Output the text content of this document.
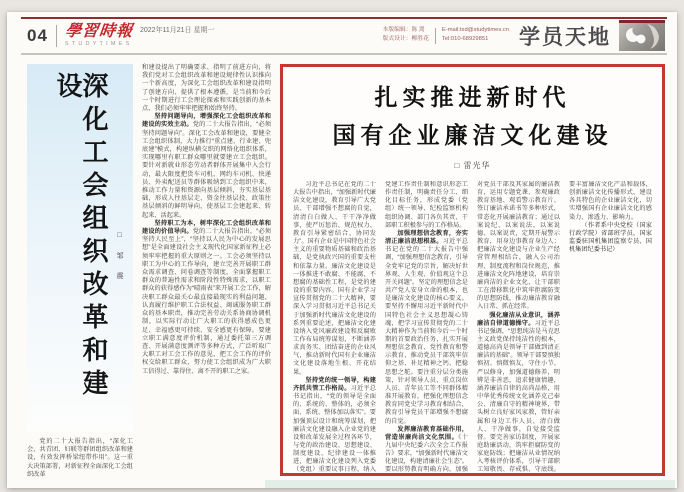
04 學習時報
STUDYTIMES
2022年11月21日 星期一	本版编辑：陈 翯
版式设计：柳胜花
E-mail:txd@studytimes.cn
Tel:010-68929851	学员天地
深化工会组织改革和建设
□ 邹 震

党的二十大报告指出，“深化工会、共青团、妇联等群团组织改革和建设，有效发挥桥梁纽带作用”。这一重大决策部署，对新征程全面深化工会组织改革

和建设提出了明确要求、指明了前进方向，将我们党对工会组织改革和建设规律性认识推向一个新高度，为深化工会组织改革和建设指明了创建方向、提供了根本遵循，是当前和今后一个时期进行工会理论探索和实践创新的基本点，我们必须牢牢把握和始终坚持。

坚持问题导向，增强深化工会组织改革和建设的实效主动。党的二十大报告指出，“必须坚持问题导向”。深化工会改革和建设，要健全工会组织体制，大力推行“重点建、行业建、兜底建”模式，构建纵横交织的网络化组织体系，实现哪里有职工群众哪里就要建立工会组织。要针对新就业形态劳动者群体开展集中入会行动，最大限度把货车司机、网约车司机、快递员、外卖配送员等群体吸纳到工会组织中来，推动工作力量和资源向基层倾斜，夯实基层基础，形成人往基层走、资金往基层投、政策往基层倾斜的鲜明导向，使基层工会建起来、转起来、活起来。

坚持职工为本，树牢深化工会组织改革和建设的价值导向。党的二十大报告指出，“必须坚持人民至上”，“坚持以人民为中心的发展思想”是全面建设社会主义现代化国家新征程上必须牢牢把握的重大原则之一。工会必须坚持以职工为中心的工作导向，建立完善开展职工群众需求调查、问卷调查等制度，全面掌握职工群众的普遍性需求和阶段性特殊需求，以职工群众的获得感作为“晴雨表”来开展工会工作，解决职工群众最关心最直接最现实的利益问题，认真履行维护职工合法权益、竭诚服务职工群众的基本职责，推动完善劳动关系协商协调机制，以实际行动让广大职工的获得感成色更足、幸福感更可持续、安全感更有保障。要建立职工满意度评价机制，通过委托第三方调查、开展满意度测评等多种方式，广泛听取广大职工对工会工作的意见，把工会工作的评价权交给职工群众，努力使工会组织成为广大职工信得过、靠得住、离不开的职工之家。

扎实推进新时代
国有企业廉洁文化建设
□ 雷光华

习近平总书记在党的二十大报告中指出，“加强新时代廉洁文化建设，教育引导广大党员、干部增强不想腐的自觉，清清白白做人、干干净净做事，使严厉惩治、规范权力、教育引导紧密结合、协同发力”。国有企业是中国特色社会主义的重要物质基础和政治基础，是党执政兴国的重要支柱和依靠力量。廉洁文化建设是一体推进不敢腐、不能腐、不想腐的基础性工程，是党的建设的重要内容。国有企业学习宣传贯彻党的二十大精神，要深入学习贯彻习近平总书记关于加强新时代廉洁文化建设的系列重要论述，把廉洁文化建设纳入党风廉政建设和反腐败工作布局统筹谋划，不断涵养求真务实、团结奋进的企业风气，推动新时代国有企业廉洁文化建设落地生根、开花结果。

坚持党的统一领导，构建齐抓共管工作格局。习近平总书记指出，“党的领导是全面的、系统的、整体的，必须全面、系统、整体加以落实”。要加强顶层设计和统筹谋划，把廉洁文化建设融入企业党的建设和改革发展全过程各环节，与党的政治建设、思想建设、制度建设、纪律建设一体推进，把廉洁文化建设列入党委（党组）重要议事日程，纳入党建工作责任制和意识形态工作责任制，明确责任分工、细化目标任务，形成党委（党组）统一领导、纪检监察机构组织协调、部门各负其责、干部职工积极参与的工作格局。

加强理想信念教育，夯实清正廉洁思想根基。习近平总书记在党的二十大报告中强调，“加强理想信念教育，引导全党牢记党的宗旨，解决好世界观、人生观、价值观这个总开关问题”。坚定的理想信念是共产党人安身立命的根本，也是廉洁文化建设的核心要义。要坚持不懈用习近平新时代中国特色社会主义思想凝心铸魂，把学习宣传贯彻党的二十大精神作为当前和今后一个时期的首要政治任务，扎实开展理想信念教育、党性教育和警示教育，推动党员干部筑牢信仰之基、补足精神之钙、把稳思想之舵。要注重分层分类施策，针对领导人员、重点岗位人员、青年员工等不同群体精准开展教育，把强化理想信念教育同党史学习教育相结合，教育引导党员干部增强不想腐的自觉。

发挥廉洁教育基础作用，营造崇廉尚洁文化氛围。《十九届中央纪委六次全会工作报告》要求，“加强新时代廉洁文化建设，构建清廉社会生态”。要以形势教育明确方向，加强对党员干部及其家属的廉洁教育，运用专题党课、参观廉政教育基地、观看警示教育片、签订廉洁承诺书等多种形式，常态化开展廉洁教育；通过以案说纪、以案说法、以案说德、以案说责，定期开展警示教育，用身边事教育身边人；把廉洁文化建设与企业生产经营管理相结合，融入公司治理、制度流程和岗位规范，推进廉洁文化阵地建设，培育崇廉尚洁的企业文化，让干部职工在潜移默化中筑牢拒腐防变的思想防线，推动廉洁教育融入日常、抓在经常。

强化廉洁从业意识，涵养廉洁自律道德操守。习近平总书记强调，“思想纯洁是马克思主义政党保持纯洁性的根本，道德高尚是领导干部做到清正廉洁的基础”。领导干部要慎独慎初、慎微慎友，守住小节、严以修身，加强道德修养，明辨是非善恶，追求健康情趣，涵养廉洁自律的高尚品格，用中华优秀传统文化涵养克己奉公、清廉自守的精神境界，带头树立良好家风家教，管好亲属和身边工作人员，清白做人、干净做事，自觉接受监督。要完善家访制度，开展家庭助廉活动，筑牢拒腐防变的家庭防线；把廉洁从业情况纳入考核评价体系，引导干部职工知敬畏、存戒惧、守底线。要丰富廉洁文化产品和载体，创新廉洁文化传播形式，建设各具特色的企业廉洁文化，切实增强国有企业廉洁文化的感染力、渗透力、影响力。

（作者系中央党校（国家行政学院）省部班学员，国家监委驻国机集团监察专员、国机集团纪委书记）
